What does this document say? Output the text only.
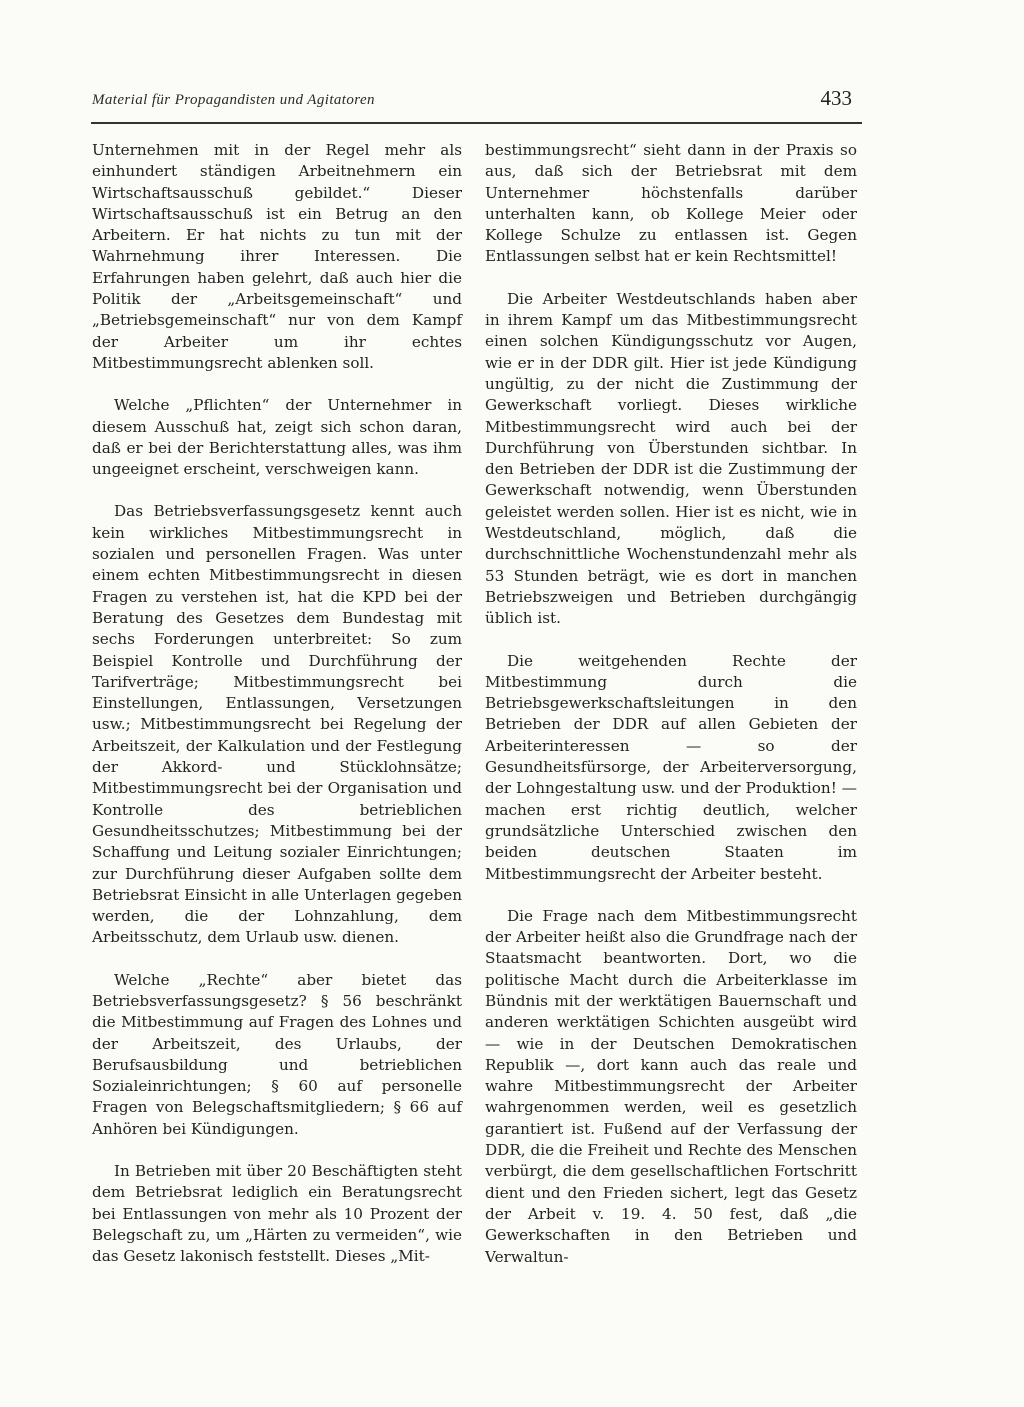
Material für Propagandisten und Agitatoren	433

Unternehmen mit in der Regel mehr als einhundert ständigen Arbeitnehmern ein Wirtschaftsausschuß gebildet.“ Dieser Wirtschaftsausschuß ist ein Betrug an den Arbeitern. Er hat nichts zu tun mit der Wahrnehmung ihrer Interessen. Die Erfahrungen haben gelehrt, daß auch hier die Politik der „Arbeitsgemeinschaft“ und „Betriebsgemeinschaft“ nur von dem Kampf der Arbeiter um ihr echtes Mitbestimmungsrecht ablenken soll.

Welche „Pflichten“ der Unternehmer in diesem Ausschuß hat, zeigt sich schon daran, daß er bei der Berichterstattung alles, was ihm ungeeignet erscheint, verschweigen kann.

Das Betriebsverfassungsgesetz kennt auch kein wirkliches Mitbestimmungsrecht in sozialen und personellen Fragen. Was unter einem echten Mitbestimmungsrecht in diesen Fragen zu verstehen ist, hat die KPD bei der Beratung des Gesetzes dem Bundestag mit sechs Forderungen unterbreitet: So zum Beispiel Kontrolle und Durchführung der Tarifverträge; Mitbestimmungsrecht bei Einstellungen, Entlassungen, Versetzungen usw.; Mitbestimmungsrecht bei Regelung der Arbeitszeit, der Kalkulation und der Festlegung der Akkord- und Stücklohnsätze; Mitbestimmungsrecht bei der Organisation und Kontrolle des betrieblichen Gesundheitsschutzes; Mitbestimmung bei der Schaffung und Leitung sozialer Einrichtungen; zur Durchführung dieser Aufgaben sollte dem Betriebsrat Einsicht in alle Unterlagen gegeben werden, die der Lohnzahlung, dem Arbeitsschutz, dem Urlaub usw. dienen.

Welche „Rechte“ aber bietet das Betriebsverfassungsgesetz? § 56 beschränkt die Mitbestimmung auf Fragen des Lohnes und der Arbeitszeit, des Urlaubs, der Berufsausbildung und betrieblichen Sozialeinrichtungen; § 60 auf personelle Fragen von Belegschaftsmitgliedern; § 66 auf Anhören bei Kündigungen.

In Betrieben mit über 20 Beschäftigten steht dem Betriebsrat lediglich ein Beratungsrecht bei Entlassungen von mehr als 10 Prozent der Belegschaft zu, um „Härten zu vermeiden“, wie das Gesetz lakonisch feststellt. Dieses „Mit-

bestimmungsrecht“ sieht dann in der Praxis so aus, daß sich der Betriebsrat mit dem Unternehmer höchstenfalls darüber unterhalten kann, ob Kollege Meier oder Kollege Schulze zu entlassen ist. Gegen Entlassungen selbst hat er kein Rechtsmittel!

Die Arbeiter Westdeutschlands haben aber in ihrem Kampf um das Mitbestimmungsrecht einen solchen Kündigungsschutz vor Augen, wie er in der DDR gilt. Hier ist jede Kündigung ungültig, zu der nicht die Zustimmung der Gewerkschaft vorliegt. Dieses wirkliche Mitbestimmungsrecht wird auch bei der Durchführung von Überstunden sichtbar. In den Betrieben der DDR ist die Zustimmung der Gewerkschaft notwendig, wenn Überstunden geleistet werden sollen. Hier ist es nicht, wie in Westdeutschland, möglich, daß die durchschnittliche Wochenstundenzahl mehr als 53 Stunden beträgt, wie es dort in manchen Betriebszweigen und Betrieben durchgängig üblich ist.

Die weitgehenden Rechte der Mitbestimmung durch die Betriebsgewerkschaftsleitungen in den Betrieben der DDR auf allen Gebieten der Arbeiterinteressen — so der Gesundheitsfürsorge, der Arbeiterversorgung, der Lohngestaltung usw. und der Produktion! — machen erst richtig deutlich, welcher grundsätzliche Unterschied zwischen den beiden deutschen Staaten im Mitbestimmungsrecht der Arbeiter besteht.

Die Frage nach dem Mitbestimmungsrecht der Arbeiter heißt also die Grundfrage nach der Staatsmacht beantworten. Dort, wo die politische Macht durch die Arbeiterklasse im Bündnis mit der werktätigen Bauernschaft und anderen werktätigen Schichten ausgeübt wird — wie in der Deutschen Demokratischen Republik —, dort kann auch das reale und wahre Mitbestimmungsrecht der Arbeiter wahrgenommen werden, weil es gesetzlich garantiert ist. Fußend auf der Verfassung der DDR, die die Freiheit und Rechte des Menschen verbürgt, die dem gesellschaftlichen Fortschritt dient und den Frieden sichert, legt das Gesetz der Arbeit v. 19. 4. 50 fest, daß „die Gewerkschaften in den Betrieben und Verwaltun-
